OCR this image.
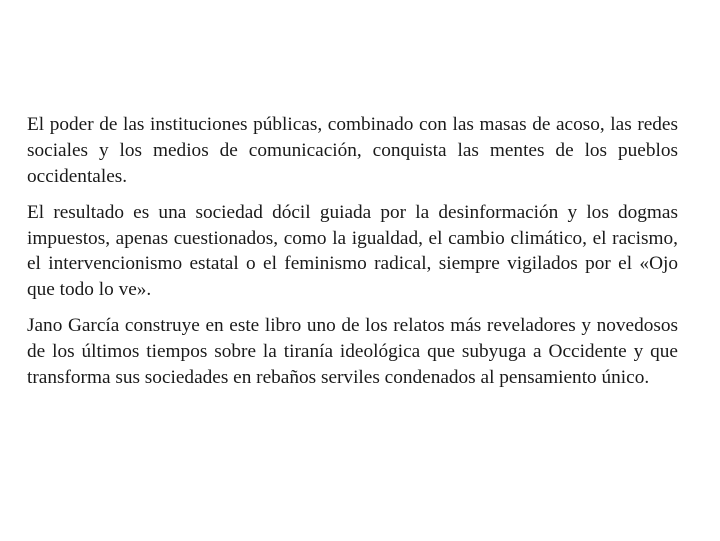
El poder de las instituciones públicas, combinado con las masas de acoso, las redes sociales y los medios de comunicación, conquista las mentes de los pueblos occidentales.

El resultado es una sociedad dócil guiada por la desinformación y los dogmas impuestos, apenas cuestionados, como la igualdad, el cambio climático, el racismo, el intervencionismo estatal o el feminismo radical, siempre vigilados por el «Ojo que todo lo ve».

Jano García construye en este libro uno de los relatos más reveladores y novedosos de los últimos tiempos sobre la tiranía ideológica que subyuga a Occidente y que transforma sus sociedades en rebaños serviles condenados al pensamiento único.
